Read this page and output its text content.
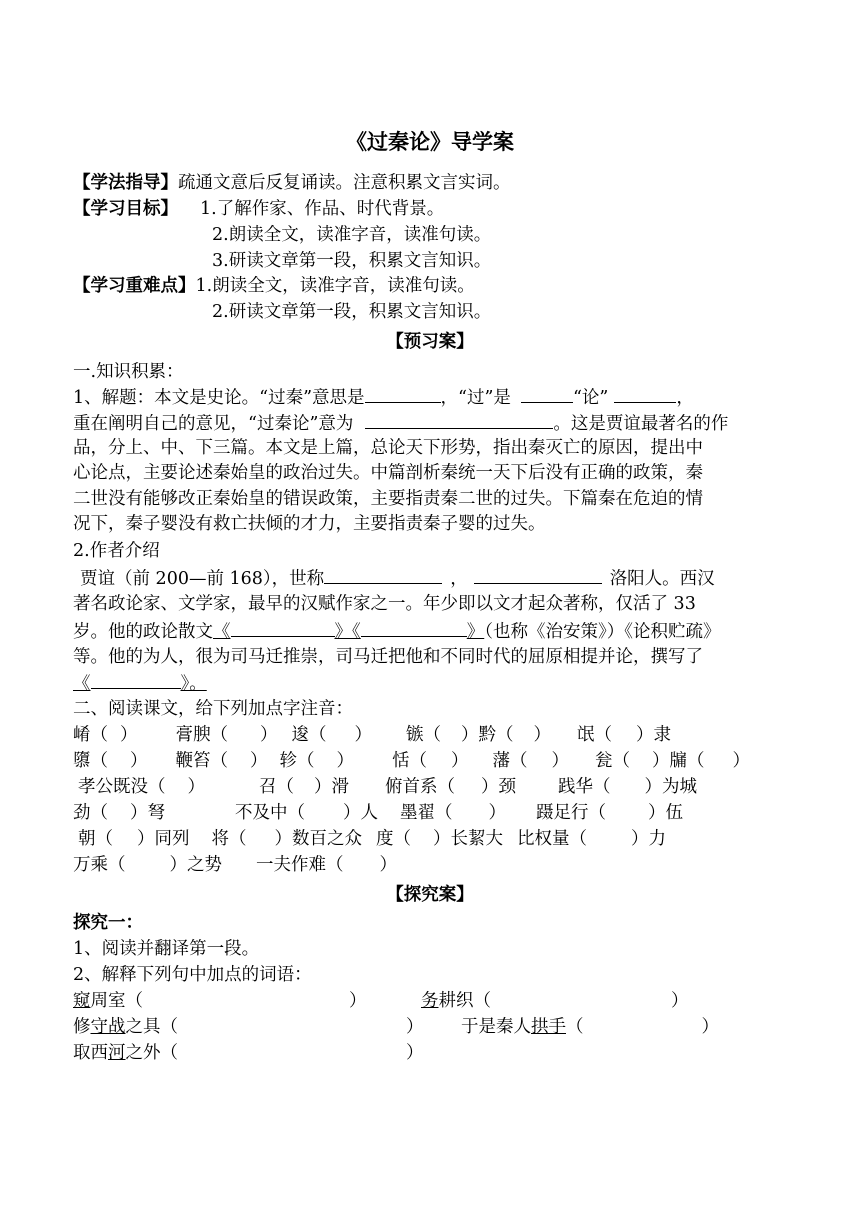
《过秦论》导学案
【学法指导】疏通文意后反复诵读。注意积累文言实词。
【学习目标】 1.了解作家、作品、时代背景。
2.朗读全文，读准字音，读准句读。
3.研读文章第一段，积累文言知识。
【学习重难点】1.朗读全文，读准字音，读准句读。
2.研读文章第一段，积累文言知识。
【预习案】
一.知识积累：
1、解题：本文是史论。“过秦”意思是	，“过”是	“论”	，
重在阐明自己的意见，“过秦论”意为	。这是贾谊最著名的作
品，分上、中、下三篇。本文是上篇，总论天下形势，指出秦灭亡的原因，提出中
心论点，主要论述秦始皇的政治过失。中篇剖析秦统一天下后没有正确的政策，秦
二世没有能够改正秦始皇的错误政策，主要指责秦二世的过失。下篇秦在危迫的情
况下，秦子婴没有救亡扶倾的才力，主要指责秦子婴的过失。
2.作者介绍
贾谊（前 200—前 168），世称	，	洛阳人。西汉
著名政论家、文学家，最早的汉赋作家之一。年少即以文才起众著称，仅活了 33
岁。他的政论散文《	》《	》（也称《治安策》）《论积贮疏》
等。他的为人，很为司马迁推崇，司马迁把他和不同时代的屈原相提并论，撰写了
《	》。
二、阅读课文，给下列加点字注音：
崤（ ） 膏腴（ ） 逡（ ） 镞（ ）黔（ ） 氓（ ）隶
隳（ ） 鞭笞（ ） 轸（ ） 恬（ ） 藩（ ） 瓮（ ）牖（ ）
孝公既没（ ）	召（ ）滑 俯首系（ ）颈 践华（ ）为城
劲（ ）弩	不及中（ ）人 墨翟（ ） 蹑足行（ ）伍
朝（ ）同列 将（ ）数百之众 度（ ）长絜大 比权量（	）力
万乘（	）之势 一夫作难（ ）
【探究案】
探究一：
1、阅读并翻译第一段。
2、解释下列句中加点的词语：
窥周室（	）	务耕织（	）
修守战之具（	） 于是秦人拱手（	）
取西河之外（	）
